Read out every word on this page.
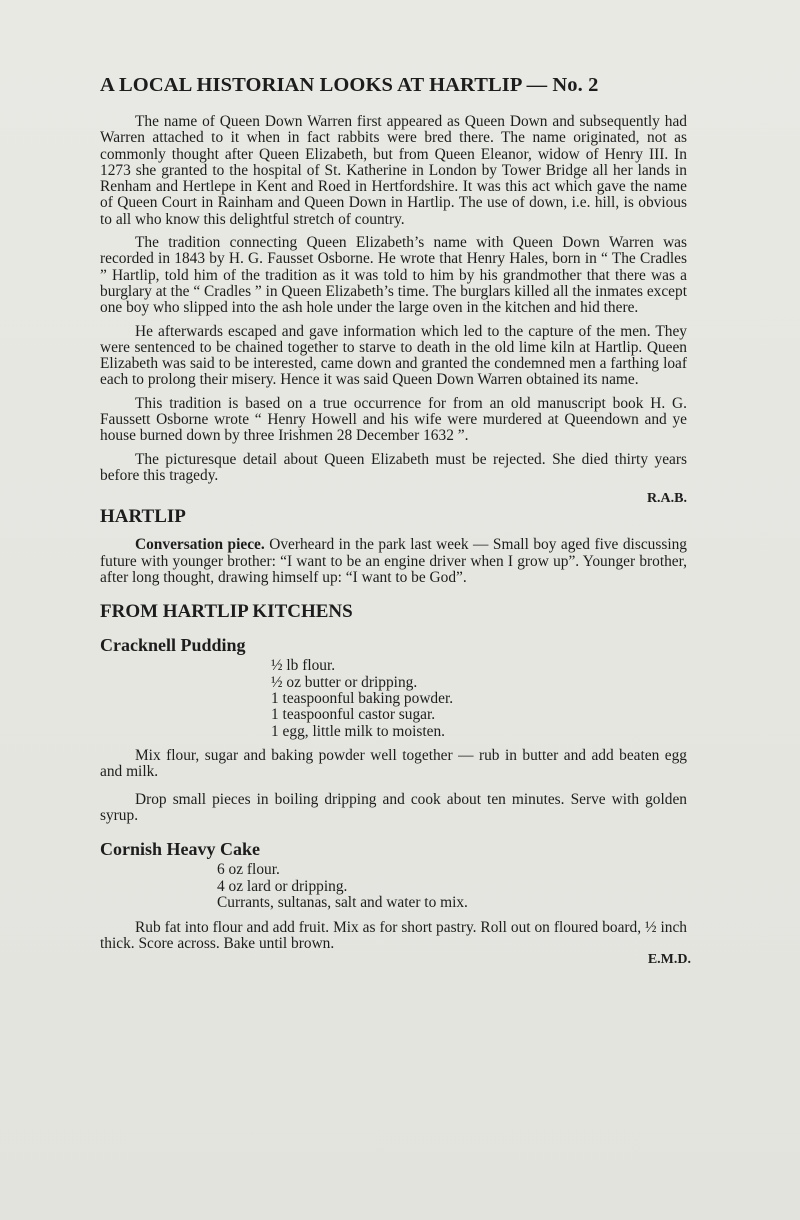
A LOCAL HISTORIAN LOOKS AT HARTLIP — No. 2

The name of Queen Down Warren first appeared as Queen Down and subsequently had Warren attached to it when in fact rabbits were bred there. The name originated, not as commonly thought after Queen Elizabeth, but from Queen Eleanor, widow of Henry III. In 1273 she granted to the hospital of St. Katherine in London by Tower Bridge all her lands in Renham and Hertlepe in Kent and Roed in Hertfordshire. It was this act which gave the name of Queen Court in Rainham and Queen Down in Hartlip. The use of down, i.e. hill, is obvious to all who know this delightful stretch of country.

The tradition connecting Queen Elizabeth’s name with Queen Down Warren was recorded in 1843 by H. G. Fausset Osborne. He wrote that Henry Hales, born in “ The Cradles ” Hartlip, told him of the tradition as it was told to him by his grandmother that there was a burglary at the “ Cradles ” in Queen Elizabeth’s time. The burglars killed all the inmates except one boy who slipped into the ash hole under the large oven in the kitchen and hid there.

He afterwards escaped and gave information which led to the capture of the men. They were sentenced to be chained together to starve to death in the old lime kiln at Hartlip. Queen Elizabeth was said to be interested, came down and granted the condemned men a farthing loaf each to prolong their misery. Hence it was said Queen Down Warren obtained its name.

This tradition is based on a true occurrence for from an old manuscript book H. G. Faussett Osborne wrote “ Henry Howell and his wife were murdered at Queendown and ye house burned down by three Irishmen 28 December 1632 ”.

The picturesque detail about Queen Elizabeth must be rejected. She died thirty years before this tragedy.

R.A.B.
HARTLIP

Conversation piece. Overheard in the park last week — Small boy aged five discussing future with younger brother: “I want to be an engine driver when I grow up”. Younger brother, after long thought, drawing himself up: “I want to be God”.

FROM HARTLIP KITCHENS
Cracknell Pudding
½ lb flour.
½ oz butter or dripping.
1 teaspoonful baking powder.
1 teaspoonful castor sugar.
1 egg, little milk to moisten.

Mix flour, sugar and baking powder well together — rub in butter and add beaten egg and milk.

Drop small pieces in boiling dripping and cook about ten minutes. Serve with golden syrup.

Cornish Heavy Cake
6 oz flour.
4 oz lard or dripping.
Currants, sultanas, salt and water to mix.

Rub fat into flour and add fruit. Mix as for short pastry. Roll out on floured board, ½ inch thick. Score across. Bake until brown.

E.M.D.
